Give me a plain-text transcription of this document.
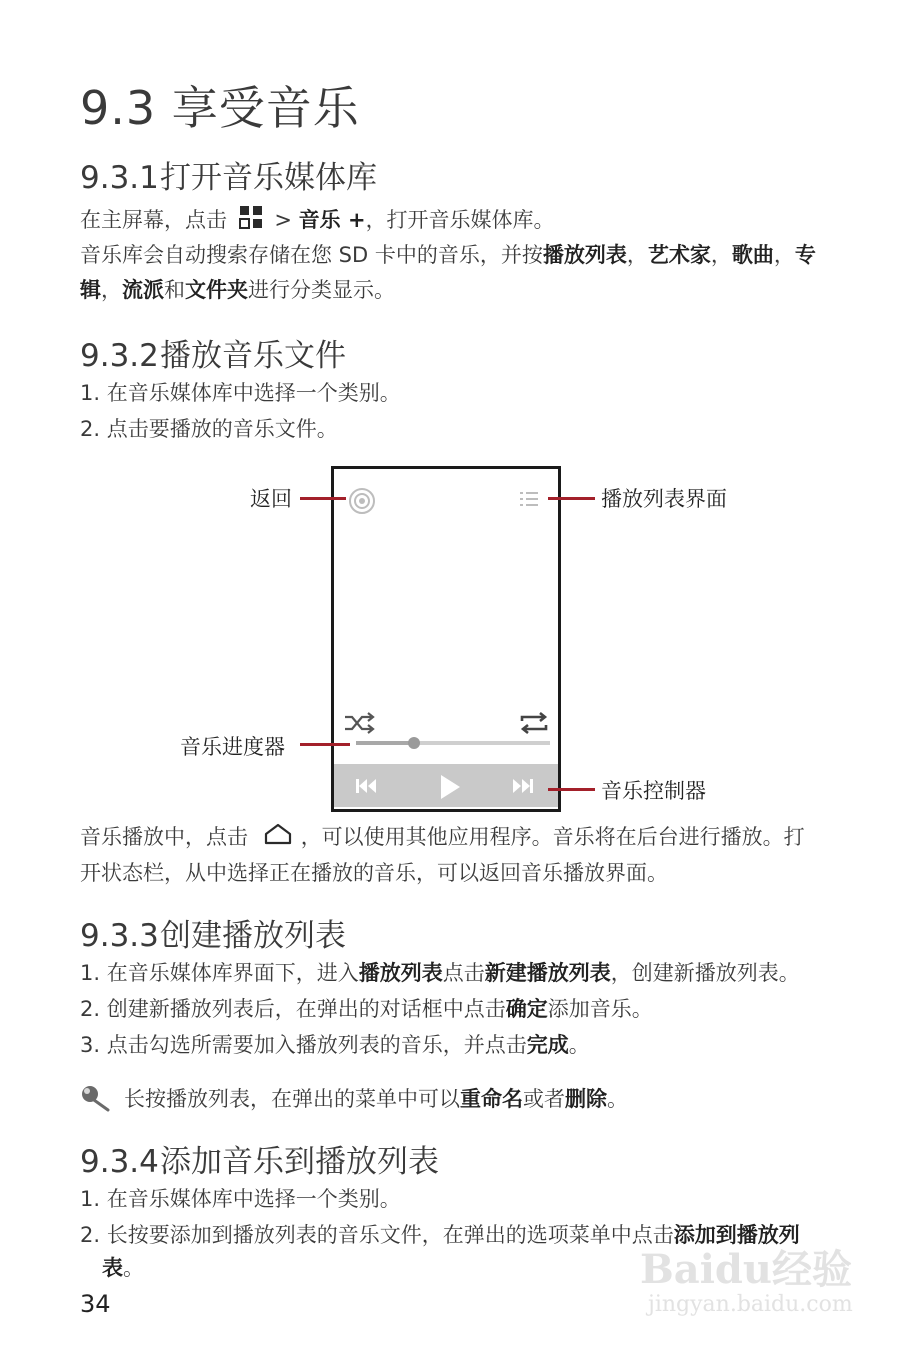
9.3 享受音乐
9.3.1打开音乐媒体库
在主屏幕，点击  > 音乐 +，打开音乐媒体库。
音乐库会自动搜索存储在您 SD 卡中的音乐，并按播放列表，艺术家，歌曲，专
辑，流派和文件夹进行分类显示。
9.3.2播放音乐文件
1. 在音乐媒体库中选择一个类别。
2. 点击要播放的音乐文件。
返回	播放列表界面
音乐进度器
音乐控制器
音乐播放中，点击	，可以使用其他应用程序。音乐将在后台进行播放。打
开状态栏，从中选择正在播放的音乐，可以返回音乐播放界面。
9.3.3创建播放列表
1. 在音乐媒体库界面下，进入播放列表点击新建播放列表，创建新播放列表。
2. 创建新播放列表后，在弹出的对话框中点击确定添加音乐。
3. 点击勾选所需要加入播放列表的音乐，并点击完成。
长按播放列表，在弹出的菜单中可以重命名或者删除。
9.3.4添加音乐到播放列表
1. 在音乐媒体库中选择一个类别。
2. 长按要添加到播放列表的音乐文件，在弹出的选项菜单中点击添加到播放列
表。
34
Baidu经验
jingyan.baidu.com
